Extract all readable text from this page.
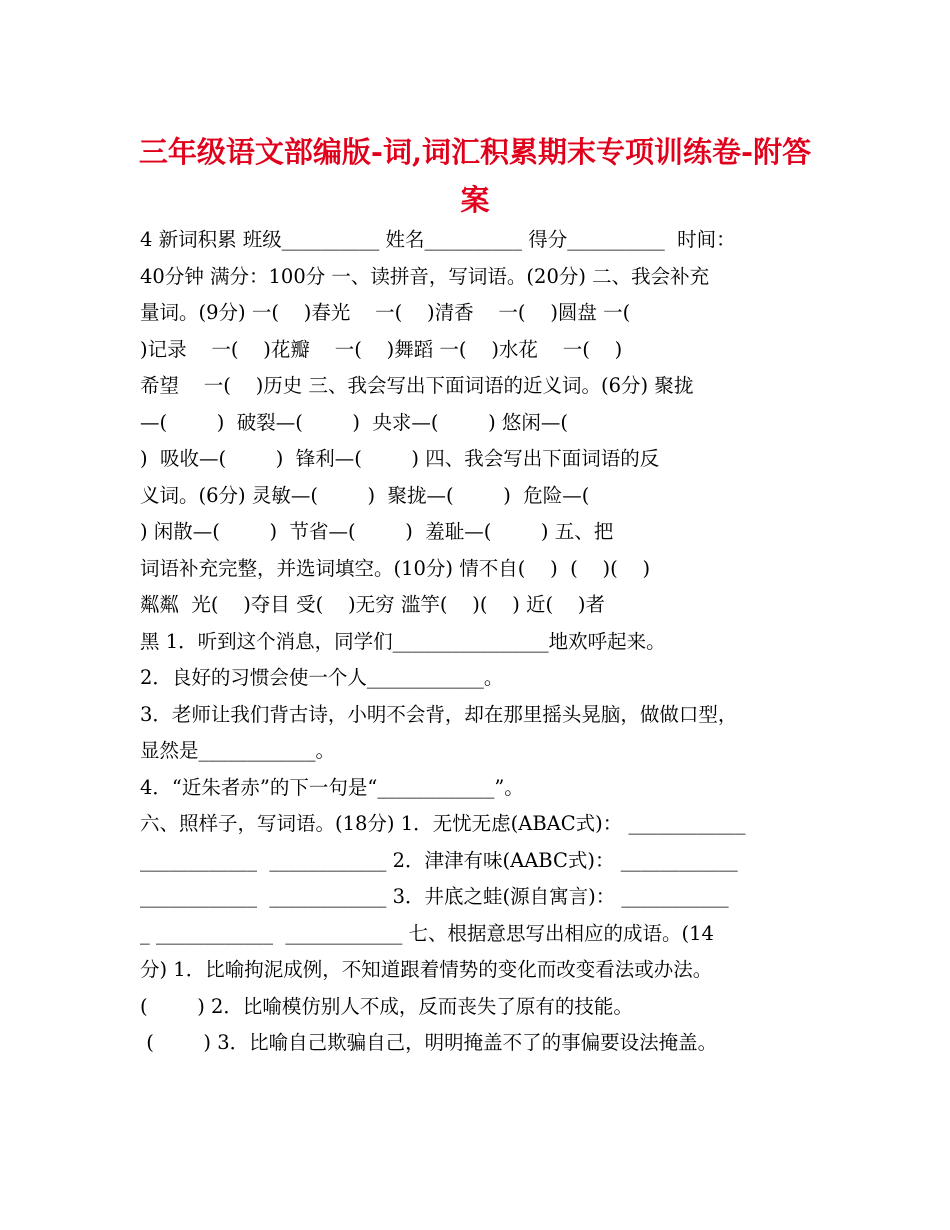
三年级语文部编版-词,词汇积累期末专项训练卷-附答
案
4 新词积累 班级__________ 姓名__________ 得分__________  时间：
40分钟 满分：100分 一、读拼音，写词语。(20分) 二、我会补充
量词。(9分) 一(    )春光    一(    )清香    一(    )圆盘 一(
)记录    一(    )花瓣    一(    )舞蹈 一(    )水花    一(    )
希望    一(    )历史 三、我会写出下面词语的近义词。(6分) 聚拢
—(        )  破裂—(        )  央求—(        ) 悠闲—(
)  吸收—(        )  锋利—(        ) 四、我会写出下面词语的反
义词。(6分) 灵敏—(        )  聚拢—(        )  危险—(
) 闲散—(        )  节省—(        )  羞耻—(        ) 五、把
词语补充完整，并选词填空。(10分) 情不自(    )  (    )(    )
粼粼  光(    )夺目 受(    )无穷 滥竽(    )(    ) 近(    )者
黑 1．听到这个消息，同学们________________地欢呼起来。
2．良好的习惯会使一个人____________。
3．老师让我们背古诗，小明不会背，却在那里摇头晃脑，做做口型，
显然是____________。
4．“近朱者赤”的下一句是“____________”。
六、照样子，写词语。(18分) 1．无忧无虑(ABAC式)： ____________
____________  ____________ 2．津津有味(AABC式)： ____________
____________  ____________ 3．井底之蛙(源自寓言)： ___________
_ ____________  ____________ 七、根据意思写出相应的成语。(14
分) 1．比喻拘泥成例，不知道跟着情势的变化而改变看法或办法。
(        ) 2．比喻模仿别人不成，反而丧失了原有的技能。
(        ) 3．比喻自己欺骗自己，明明掩盖不了的事偏要设法掩盖。
